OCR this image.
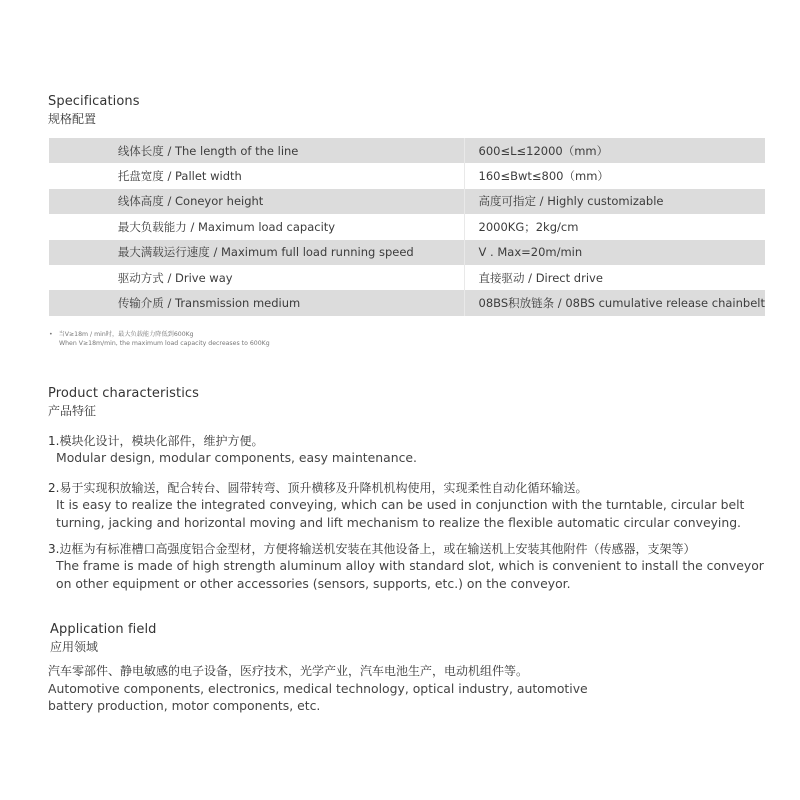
Specifications
规格配置
	线体长度 / The length of the line	600≤L≤12000（mm）
	托盘宽度 / Pallet width	160≤Bwt≤800（mm）
	线体高度 / Coneyor height	高度可指定 / Highly customizable
	最大负载能力 / Maximum load capacity	2000KG；2kg/cm
	最大满载运行速度 / Maximum full load running speed	V . Max=20m/min
	驱动方式 / Drive way	直接驱动 / Direct drive
	传输介质 / Transmission medium	08BS积放链条 / 08BS cumulative release chainbelt
• 当V≥18m / min时，最大负载能力降低到600Kg
When V≥18m/min, the maximum load capacity decreases to 600Kg
Product characteristics
产品特征
1.模块化设计，模块化部件，维护方便。
Modular design, modular components, easy maintenance.
2.易于实现积放输送，配合转台、圆带转弯、顶升横移及升降机机构使用，实现柔性自动化循环输送。
It is easy to realize the integrated conveying, which can be used in conjunction with the turntable, circular belt turning, jacking and horizontal moving and lift mechanism to realize the flexible automatic circular conveying.
3.边框为有标准槽口高强度铝合金型材，方便将输送机安装在其他设备上，或在输送机上安装其他附件（传感器，支架等）
The frame is made of high strength aluminum alloy with standard slot, which is convenient to install the conveyor on other equipment or other accessories (sensors, supports, etc.) on the conveyor.
Application field
应用领域
汽车零部件、静电敏感的电子设备，医疗技术，光学产业，汽车电池生产，电动机组件等。
Automotive components, electronics, medical technology, optical industry, automotive battery production, motor components, etc.
